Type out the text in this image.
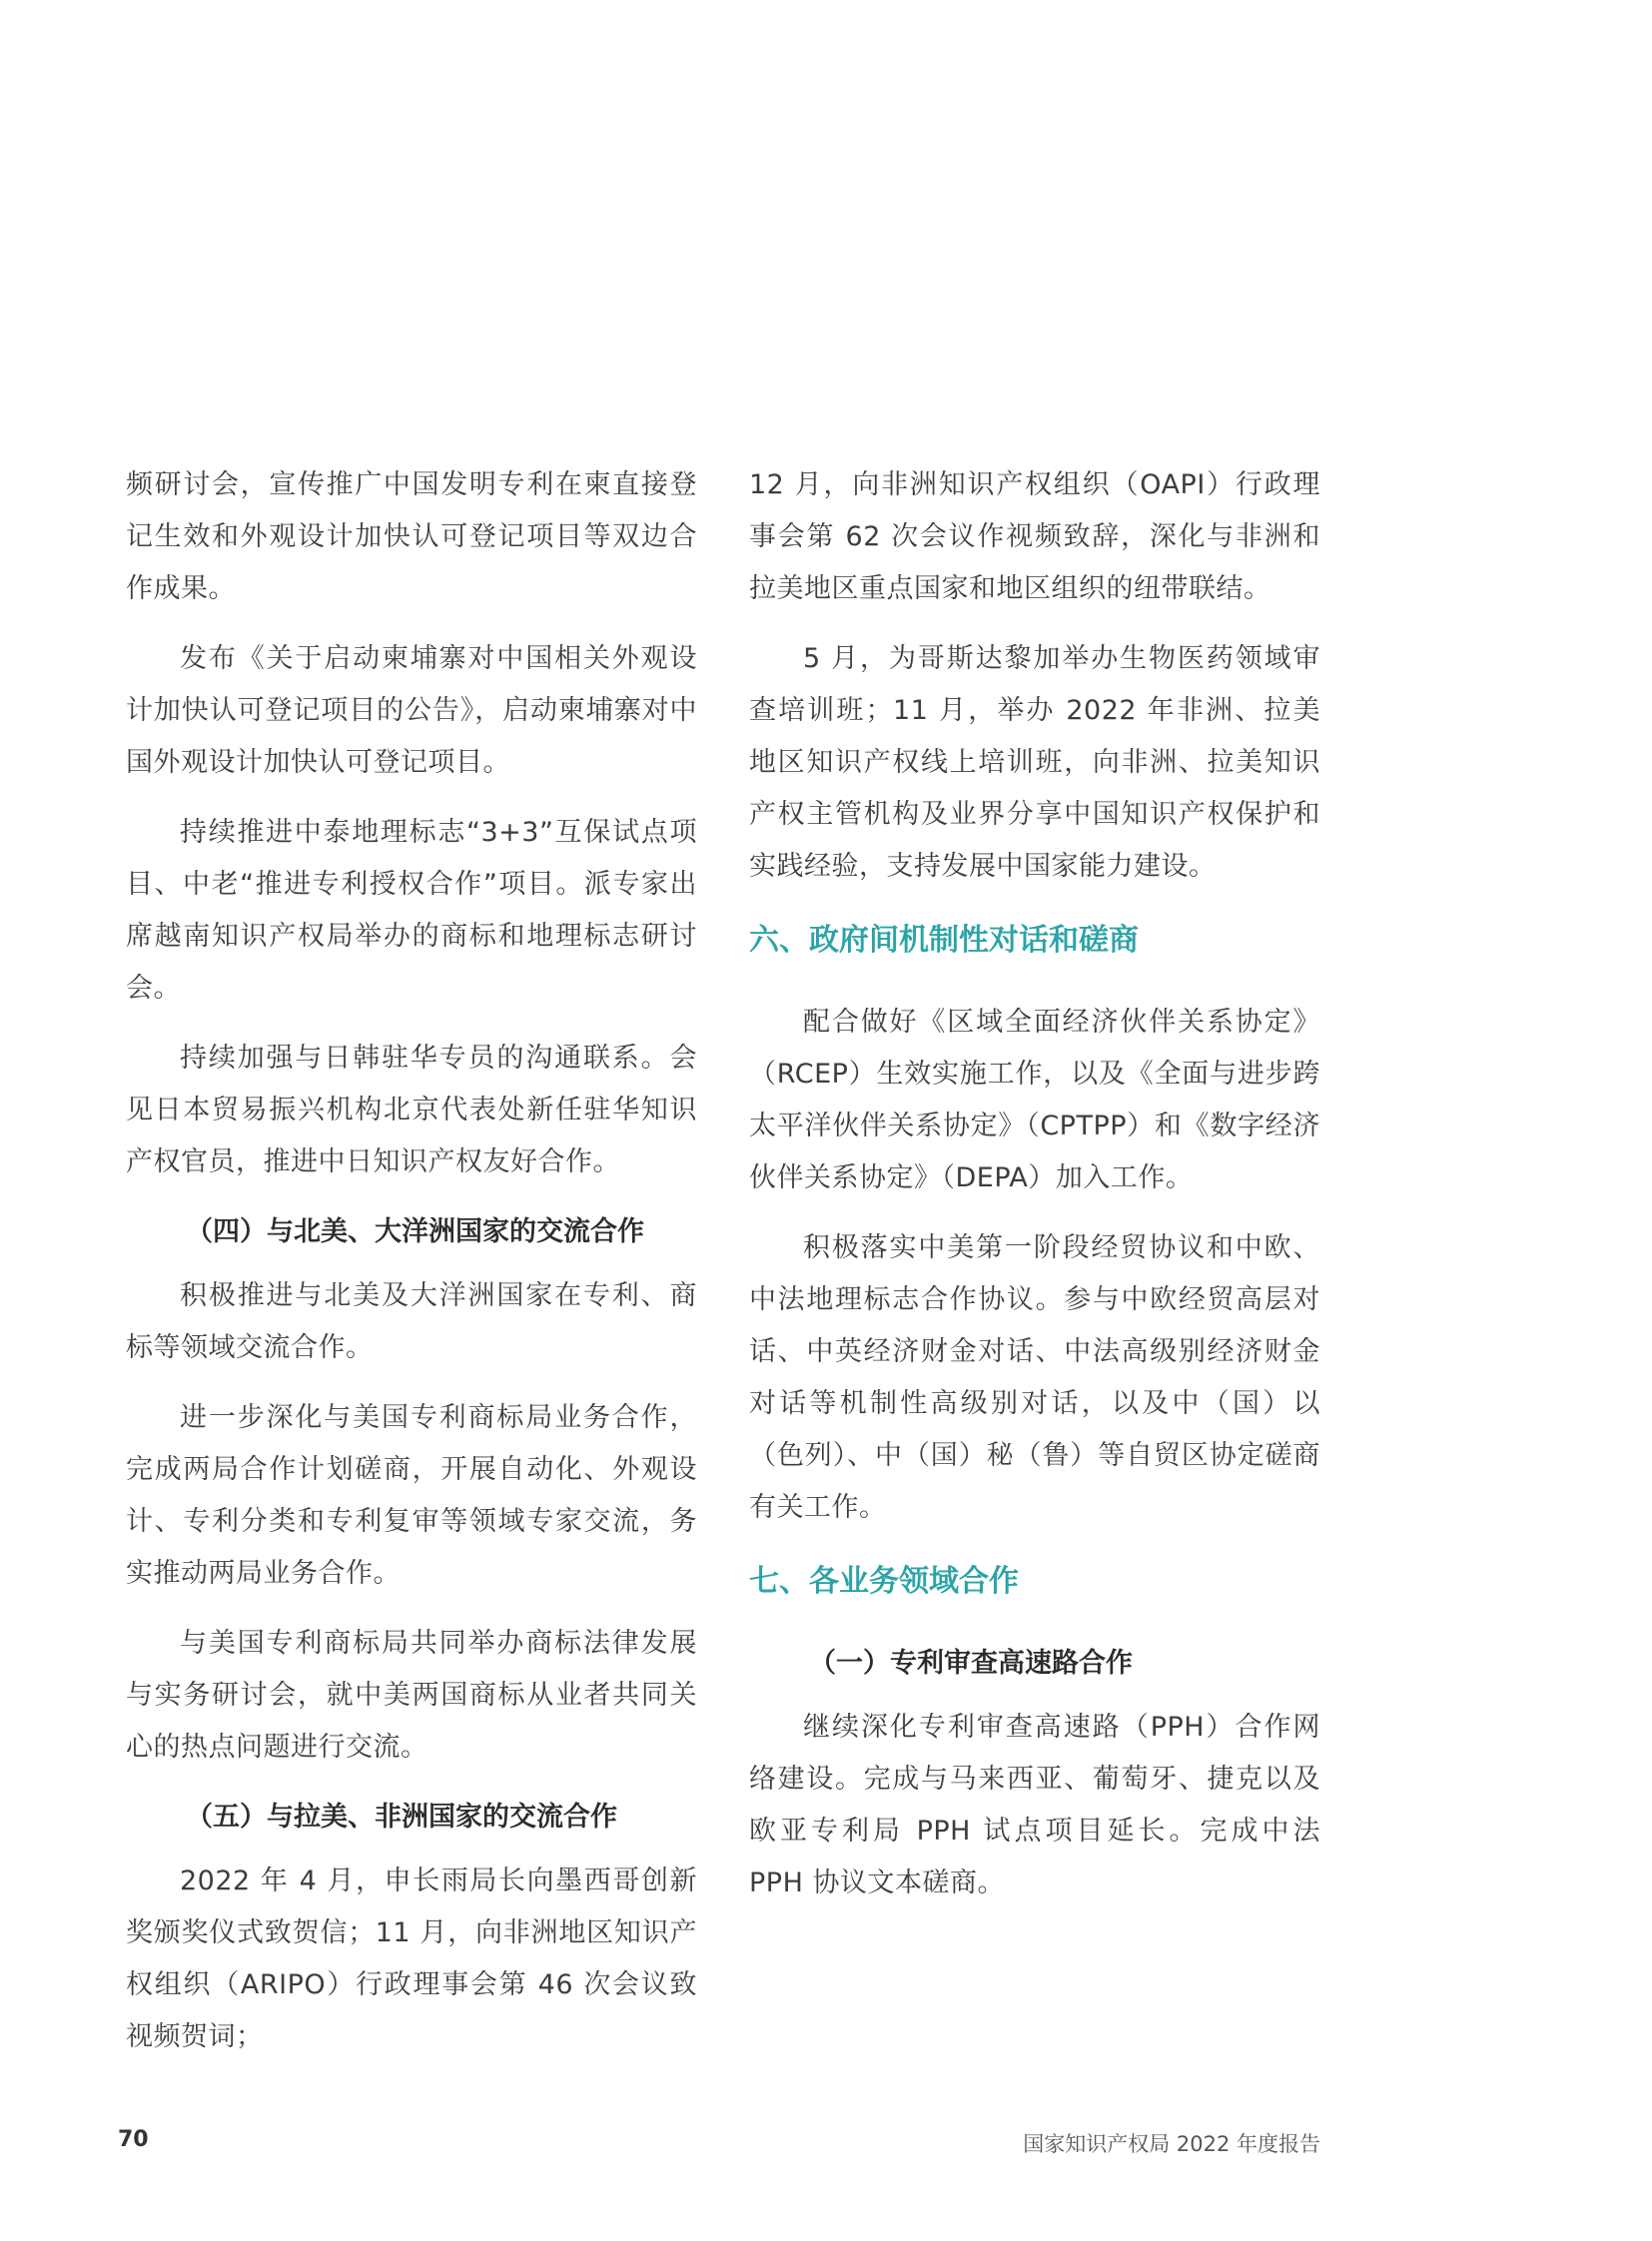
频研讨会，宣传推广中国发明专利在柬直接登记生效和外观设计加快认可登记项目等双边合作成果。

发布《关于启动柬埔寨对中国相关外观设计加快认可登记项目的公告》，启动柬埔寨对中国外观设计加快认可登记项目。

持续推进中泰地理标志“3+3”互保试点项目、中老“推进专利授权合作”项目。派专家出席越南知识产权局举办的商标和地理标志研讨会。

持续加强与日韩驻华专员的沟通联系。会见日本贸易振兴机构北京代表处新任驻华知识产权官员，推进中日知识产权友好合作。

（四）与北美、大洋洲国家的交流合作

积极推进与北美及大洋洲国家在专利、商标等领域交流合作。

进一步深化与美国专利商标局业务合作，完成两局合作计划磋商，开展自动化、外观设计、专利分类和专利复审等领域专家交流，务实推动两局业务合作。

与美国专利商标局共同举办商标法律发展与实务研讨会，就中美两国商标从业者共同关心的热点问题进行交流。

（五）与拉美、非洲国家的交流合作

2022 年 4 月，申长雨局长向墨西哥创新奖颁奖仪式致贺信；11 月，向非洲地区知识产权组织（ARIPO）行政理事会第 46 次会议致视频贺词；

12 月，向非洲知识产权组织（OAPI）行政理事会第 62 次会议作视频致辞，深化与非洲和拉美地区重点国家和地区组织的纽带联结。

5 月，为哥斯达黎加举办生物医药领域审查培训班；11 月，举办 2022 年非洲、拉美地区知识产权线上培训班，向非洲、拉美知识产权主管机构及业界分享中国知识产权保护和实践经验，支持发展中国家能力建设。

六、政府间机制性对话和磋商

配合做好《区域全面经济伙伴关系协定》（RCEP）生效实施工作，以及《全面与进步跨太平洋伙伴关系协定》（CPTPP）和《数字经济伙伴关系协定》（DEPA）加入工作。

积极落实中美第一阶段经贸协议和中欧、中法地理标志合作协议。参与中欧经贸高层对话、中英经济财金对话、中法高级别经济财金对话等机制性高级别对话，以及中（国）以（色列）、中（国）秘（鲁）等自贸区协定磋商有关工作。

七、各业务领域合作
（一）专利审查高速路合作

继续深化专利审查高速路（PPH）合作网络建设。完成与马来西亚、葡萄牙、捷克以及欧亚专利局 PPH 试点项目延长。完成中法 PPH 协议文本磋商。

70	国家知识产权局 2022 年度报告
